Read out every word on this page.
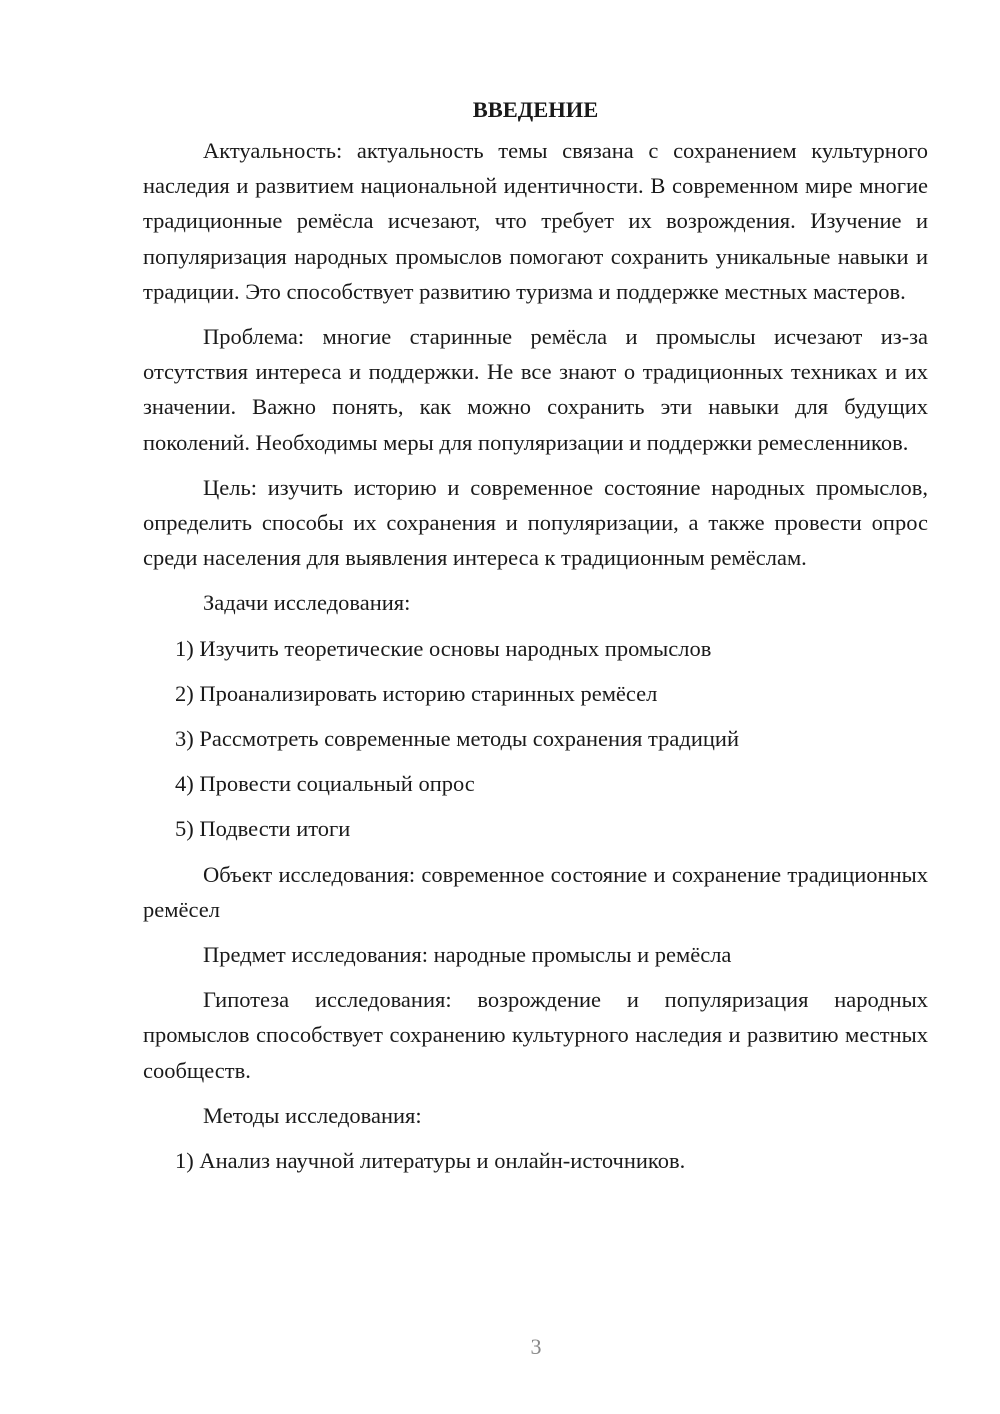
ВВЕДЕНИЕ

Актуальность: актуальность темы связана с сохранением культурного наследия и развитием национальной идентичности. В современном мире многие традиционные ремёсла исчезают, что требует их возрождения. Изучение и популяризация народных промыслов помогают сохранить уникальные навыки и традиции. Это способствует развитию туризма и поддержке местных мастеров.

Проблема: многие старинные ремёсла и промыслы исчезают из-за отсутствия интереса и поддержки. Не все знают о традиционных техниках и их значении. Важно понять, как можно сохранить эти навыки для будущих поколений. Необходимы меры для популяризации и поддержки ремесленников.

Цель: изучить историю и современное состояние народных промыслов, определить способы их сохранения и популяризации, а также провести опрос среди населения для выявления интереса к традиционным ремёслам.

Задачи исследования:

1) Изучить теоретические основы народных промыслов

2) Проанализировать историю старинных ремёсел

3) Рассмотреть современные методы сохранения традиций

4) Провести социальный опрос

5) Подвести итоги

Объект исследования: современное состояние и сохранение традиционных ремёсел

Предмет исследования: народные промыслы и ремёсла

Гипотеза исследования: возрождение и популяризация народных промыслов способствует сохранению культурного наследия и развитию местных сообществ.

Методы исследования:

1) Анализ научной литературы и онлайн-источников.

3
